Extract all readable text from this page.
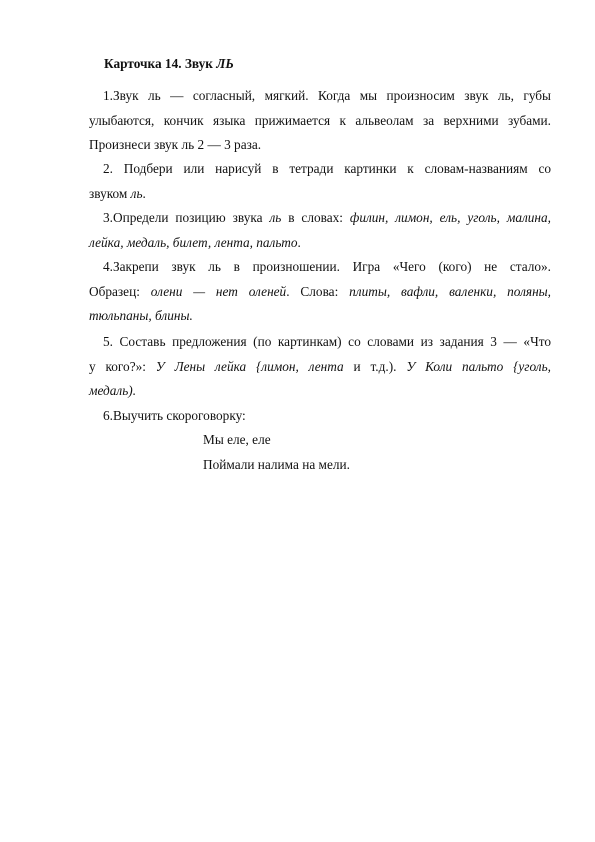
Карточка 14. Звук ЛЬ
1.Звук ль — согласный, мягкий. Когда мы произносим звук ль, губы
улыбаются, кончик языка прижимается к альвеолам за верхними зубами.
Произнеси звук ль 2 — 3 раза.
2. Подбери или нарисуй в тетради картинки к словам-названиям со
звуком ль.
3.Определи позицию звука ль в словах: филин, лимон, ель, уголь, малина,
лейка, медаль, билет, лента, пальто.
4.Закрепи звук ль в произношении. Игра «Чего (кого) не стало».
Образец: олени — нет оленей. Слова: плиты, вафли, валенки, поляны,
тюльпаны, блины.
5. Составь предложения (по картинкам) со словами из задания 3 — «Что
у кого?»: У Лены лейка {лимон, лента и т.д.). У Коли пальто {уголь,
медаль).
6.Выучить скороговорку:
Мы еле, еле
Поймали налима на мели.
